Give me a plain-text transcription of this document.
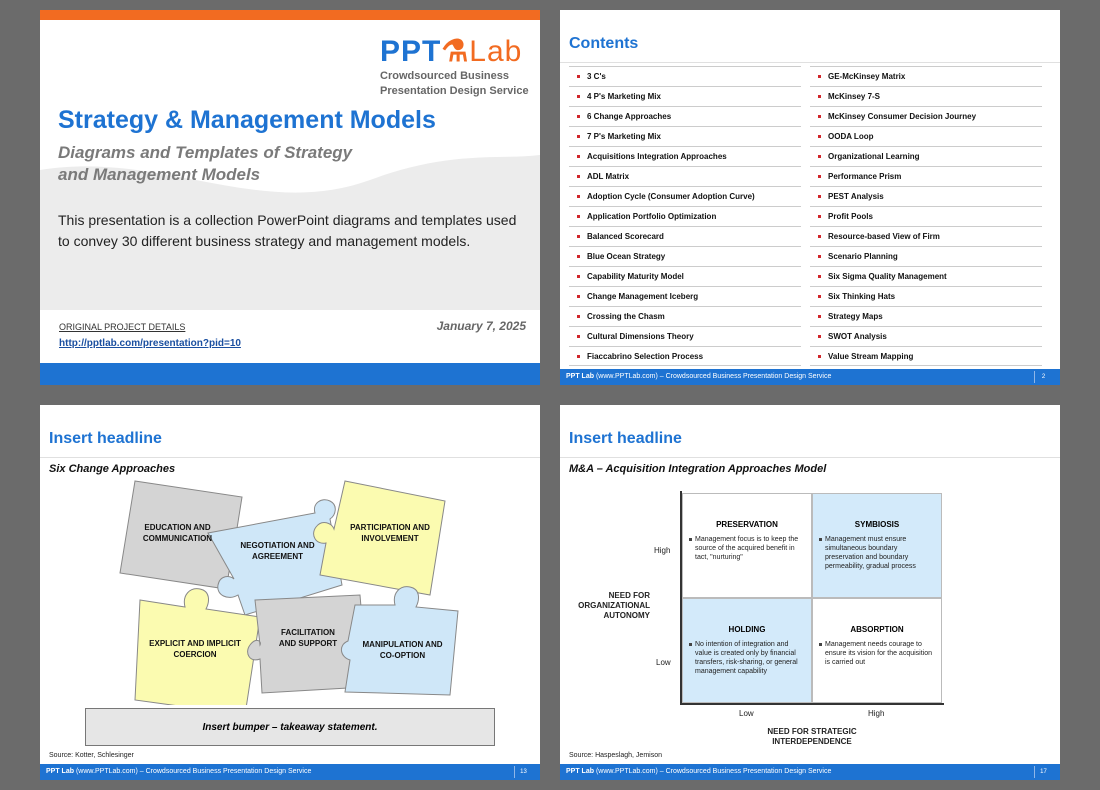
PPT⚗Lab
Crowdsourced Business Presentation Design Service
Strategy & Management Models
Diagrams and Templates of Strategy and Management Models
This presentation is a collection PowerPoint diagrams and templates used to convey 30 different business strategy and management models.
ORIGINAL PROJECT DETAILS
http://pptlab.com/presentation?pid=10
January 7, 2025
Contents
3 C's
4 P's Marketing Mix
6 Change Approaches
7 P's Marketing Mix
Acquisitions Integration Approaches
ADL Matrix
Adoption Cycle (Consumer Adoption Curve)
Application Portfolio Optimization
Balanced Scorecard
Blue Ocean Strategy
Capability Maturity Model
Change Management Iceberg
Crossing the Chasm
Cultural Dimensions Theory
Fiaccabrino Selection Process
GE-McKinsey Matrix
McKinsey 7-S
McKinsey Consumer Decision Journey
OODA Loop
Organizational Learning
Performance Prism
PEST Analysis
Profit Pools
Resource-based View of Firm
Scenario Planning
Six Sigma Quality Management
Six Thinking Hats
Strategy Maps
SWOT Analysis
Value Stream Mapping
PPT Lab (www.PPTLab.com) – Crowdsourced Business Presentation Design Service	2
Insert headline
Six Change Approaches
EDUCATION AND COMMUNICATION
NEGOTIATION AND AGREEMENT
PARTICIPATION AND INVOLVEMENT
EXPLICIT AND IMPLICIT COERCION
FACILITATION AND SUPPORT	MANIPULATION AND CO-OPTION
Insert bumper – takeaway statement.
Source: Kotter, Schlesinger
PPT Lab (www.PPTLab.com) – Crowdsourced Business Presentation Design Service	13
Insert headline
M&A – Acquisition Integration Approaches Model
PRESERVATION
Management focus is to keep the source of the acquired benefit in tact, "nurturing"
SYMBIOSIS
Management must ensure simultaneous boundary preservation and boundary permeability, gradual process
HOLDING
No intention of integration and value is created only by financial transfers, risk-sharing, or general management capability
ABSORPTION
Management needs courage to ensure its vision for the acquisition is carried out
High
Low
Low	High
NEED FOR ORGANIZATIONAL AUTONOMY
NEED FOR STRATEGIC INTERDEPENDENCE
Source: Haspeslagh, Jemison
PPT Lab (www.PPTLab.com) – Crowdsourced Business Presentation Design Service	17
